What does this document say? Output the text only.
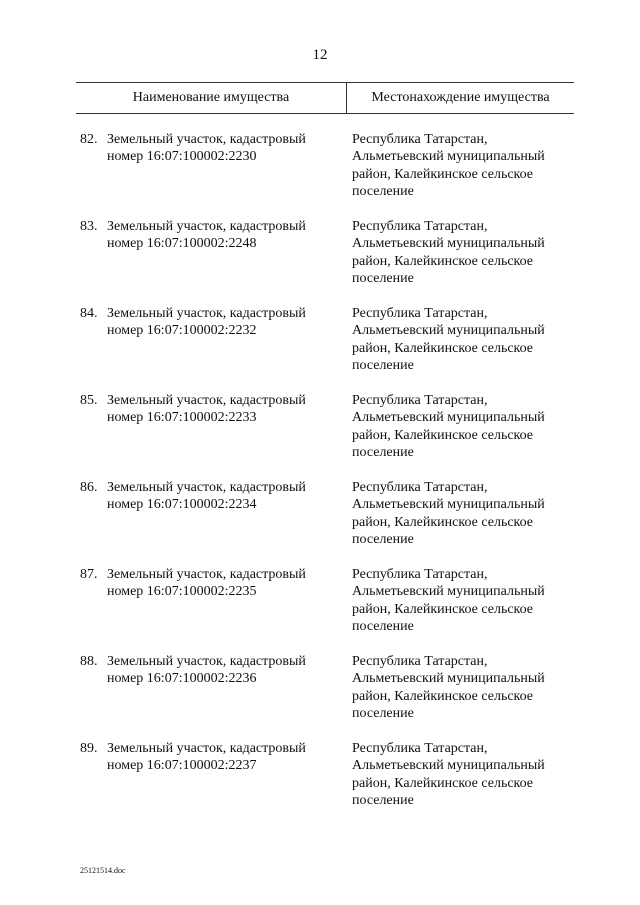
12
Наименование имущества	Местонахождение имущества
82. Земельный участок, кадастровый
номер 16:07:100002:2230
Республика Татарстан,
Альметьевский муниципальный
район, Калейкинское сельское
поселение
83. Земельный участок, кадастровый
номер 16:07:100002:2248
Республика Татарстан,
Альметьевский муниципальный
район, Калейкинское сельское
поселение
84. Земельный участок, кадастровый
номер 16:07:100002:2232
Республика Татарстан,
Альметьевский муниципальный
район, Калейкинское сельское
поселение
85. Земельный участок, кадастровый
номер 16:07:100002:2233
Республика Татарстан,
Альметьевский муниципальный
район, Калейкинское сельское
поселение
86. Земельный участок, кадастровый
номер 16:07:100002:2234
Республика Татарстан,
Альметьевский муниципальный
район, Калейкинское сельское
поселение
87. Земельный участок, кадастровый
номер 16:07:100002:2235
Республика Татарстан,
Альметьевский муниципальный
район, Калейкинское сельское
поселение
88. Земельный участок, кадастровый
номер 16:07:100002:2236
Республика Татарстан,
Альметьевский муниципальный
район, Калейкинское сельское
поселение
89. Земельный участок, кадастровый
номер 16:07:100002:2237
Республика Татарстан,
Альметьевский муниципальный
район, Калейкинское сельское
поселение
25121514.doc
